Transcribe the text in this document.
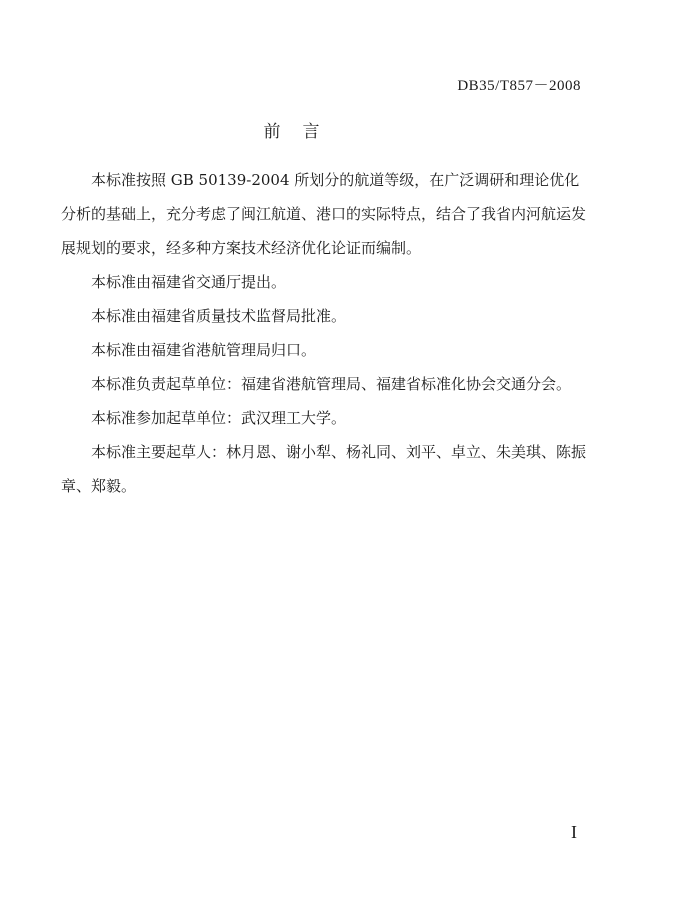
DB35/T857－2008
前言

本标准按照 GB 50139-2004 所划分的航道等级，在广泛调研和理论优化分析的基础上，充分考虑了闽江航道、港口的实际特点，结合了我省内河航运发展规划的要求，经多种方案技术经济优化论证而编制。

本标准由福建省交通厅提出。

本标准由福建省质量技术监督局批准。

本标准由福建省港航管理局归口。

本标准负责起草单位：福建省港航管理局、福建省标准化协会交通分会。

本标准参加起草单位：武汉理工大学。

本标准主要起草人：林月恩、谢小犁、杨礼同、刘平、卓立、朱美琪、陈振章、郑毅。

I
